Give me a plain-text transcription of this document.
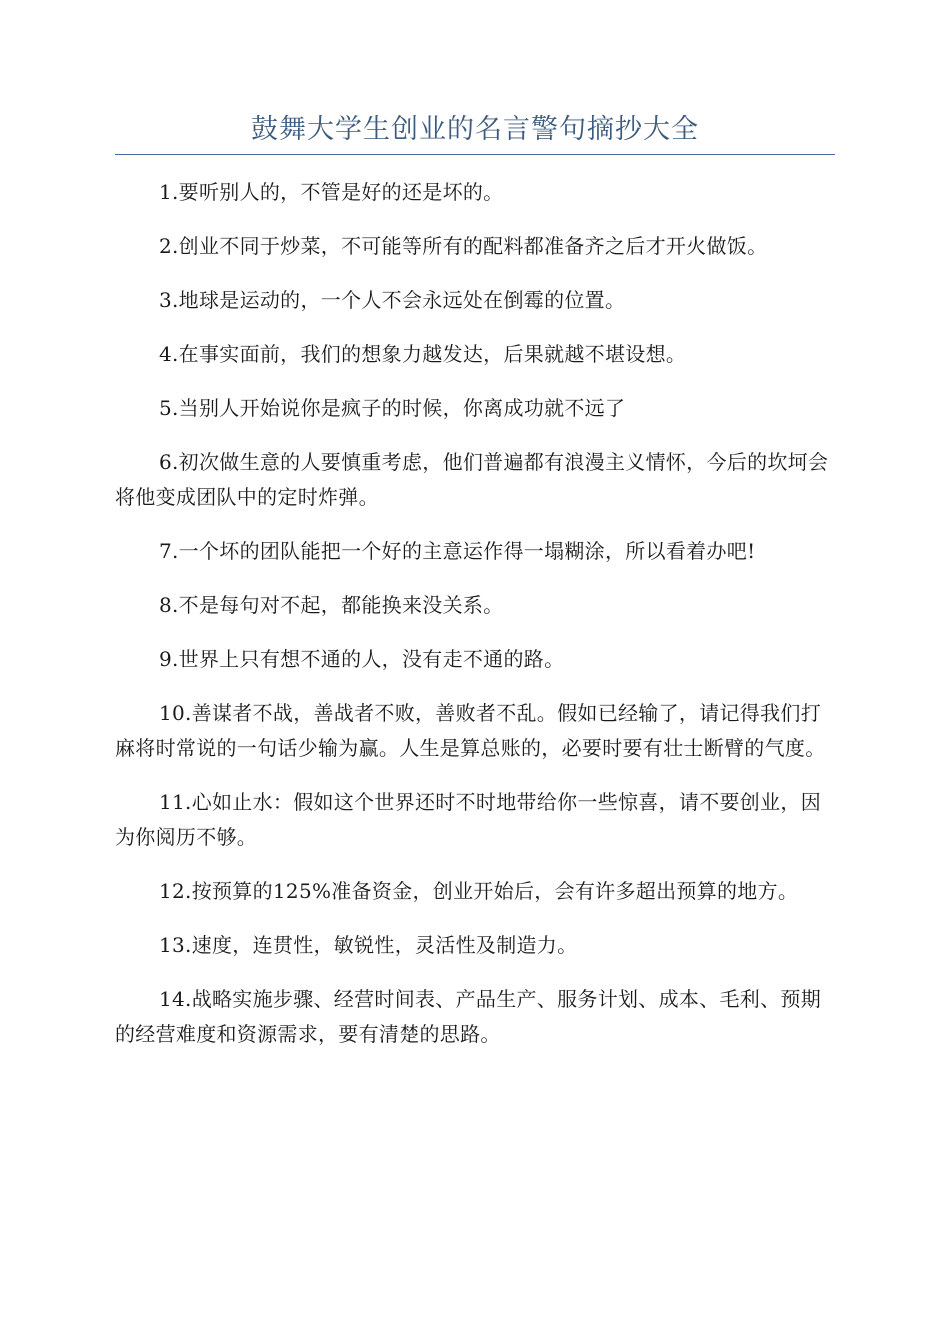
鼓舞大学生创业的名言警句摘抄大全
1.要听别人的，不管是好的还是坏的。
2.创业不同于炒菜，不可能等所有的配料都准备齐之后才开火做饭。
3.地球是运动的，一个人不会永远处在倒霉的位置。
4.在事实面前，我们的想象力越发达，后果就越不堪设想。
5.当别人开始说你是疯子的时候，你离成功就不远了
6.初次做生意的人要慎重考虑，他们普遍都有浪漫主义情怀，今后的坎坷会将他变成团队中的定时炸弹。
7.一个坏的团队能把一个好的主意运作得一塌糊涂，所以看着办吧!
8.不是每句对不起，都能换来没关系。
9.世界上只有想不通的人，没有走不通的路。
10.善谋者不战，善战者不败，善败者不乱。假如已经输了，请记得我们打麻将时常说的一句话少输为赢。人生是算总账的，必要时要有壮士断臂的气度。
11.心如止水：假如这个世界还时不时地带给你一些惊喜，请不要创业，因为你阅历不够。
12.按预算的125%准备资金，创业开始后，会有许多超出预算的地方。
13.速度，连贯性，敏锐性，灵活性及制造力。
14.战略实施步骤、经营时间表、产品生产、服务计划、成本、毛利、预期的经营难度和资源需求，要有清楚的思路。
